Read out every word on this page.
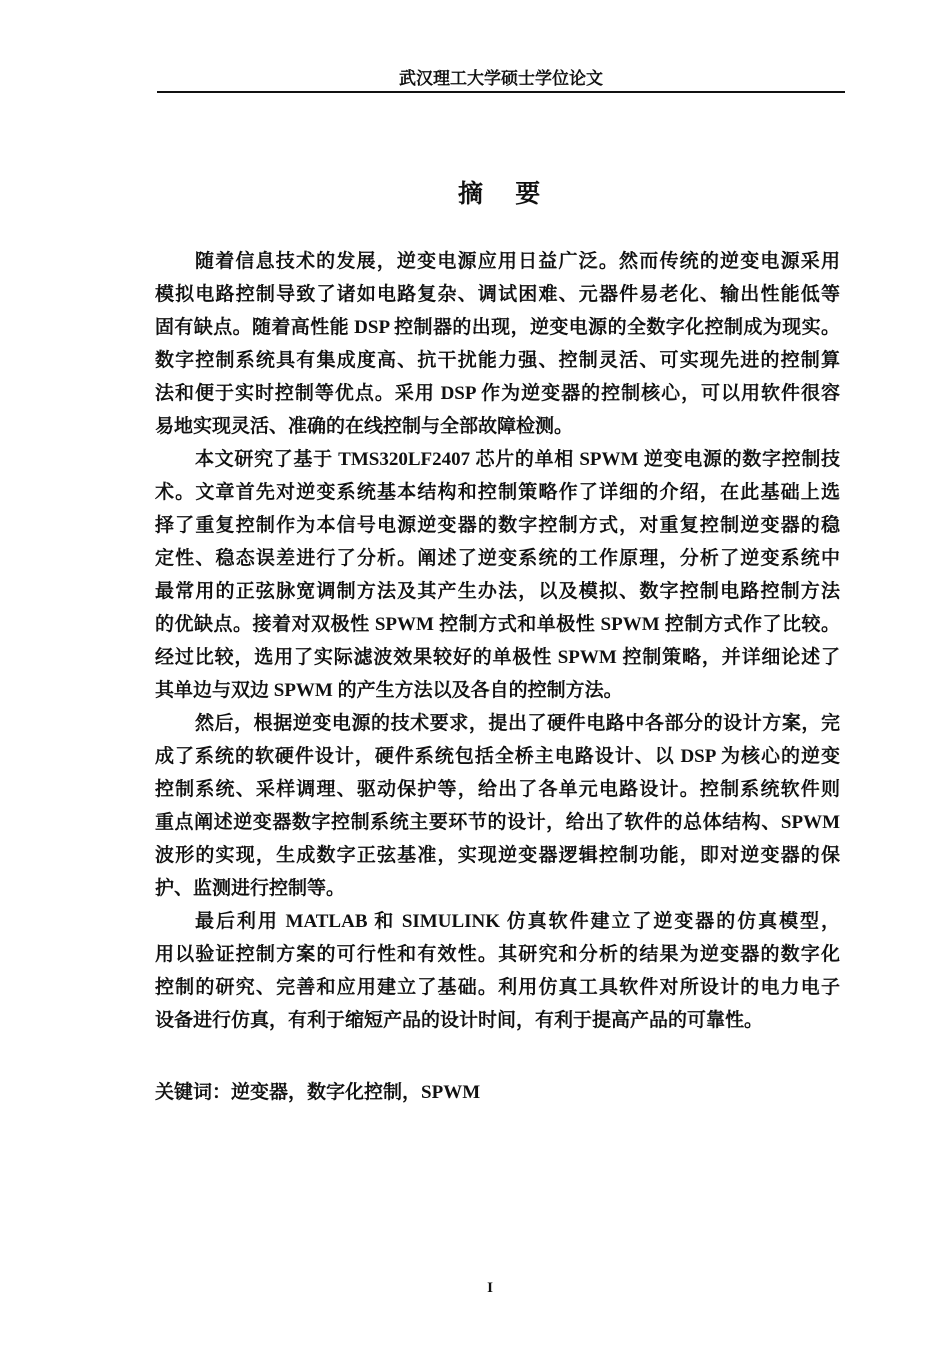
武汉理工大学硕士学位论文
摘 要
随着信息技术的发展，逆变电源应用日益广泛。然而传统的逆变电源采用
模拟电路控制导致了诸如电路复杂、调试困难、元器件易老化、输出性能低等
固有缺点。随着高性能 DSP 控制器的出现，逆变电源的全数字化控制成为现实。
数字控制系统具有集成度高、抗干扰能力强、控制灵活、可实现先进的控制算
法和便于实时控制等优点。采用 DSP 作为逆变器的控制核心，可以用软件很容
易地实现灵活、准确的在线控制与全部故障检测。
本文研究了基于 TMS320LF2407 芯片的单相 SPWM 逆变电源的数字控制技
术。文章首先对逆变系统基本结构和控制策略作了详细的介绍，在此基础上选
择了重复控制作为本信号电源逆变器的数字控制方式，对重复控制逆变器的稳
定性、稳态误差进行了分析。阐述了逆变系统的工作原理，分析了逆变系统中
最常用的正弦脉宽调制方法及其产生办法，以及模拟、数字控制电路控制方法
的优缺点。接着对双极性 SPWM 控制方式和单极性 SPWM 控制方式作了比较。
经过比较，选用了实际滤波效果较好的单极性 SPWM 控制策略，并详细论述了
其单边与双边 SPWM 的产生方法以及各自的控制方法。
然后，根据逆变电源的技术要求，提出了硬件电路中各部分的设计方案，完
成了系统的软硬件设计，硬件系统包括全桥主电路设计、以 DSP 为核心的逆变
控制系统、采样调理、驱动保护等，给出了各单元电路设计。控制系统软件则
重点阐述逆变器数字控制系统主要环节的设计，给出了软件的总体结构、SPWM
波形的实现，生成数字正弦基准，实现逆变器逻辑控制功能，即对逆变器的保
护、监测进行控制等。
最后利用 MATLAB 和 SIMULINK 仿真软件建立了逆变器的仿真模型，
用以验证控制方案的可行性和有效性。其研究和分析的结果为逆变器的数字化
控制的研究、完善和应用建立了基础。利用仿真工具软件对所设计的电力电子
设备进行仿真，有利于缩短产品的设计时间，有利于提高产品的可靠性。
关键词：逆变器，数字化控制，SPWM
I
